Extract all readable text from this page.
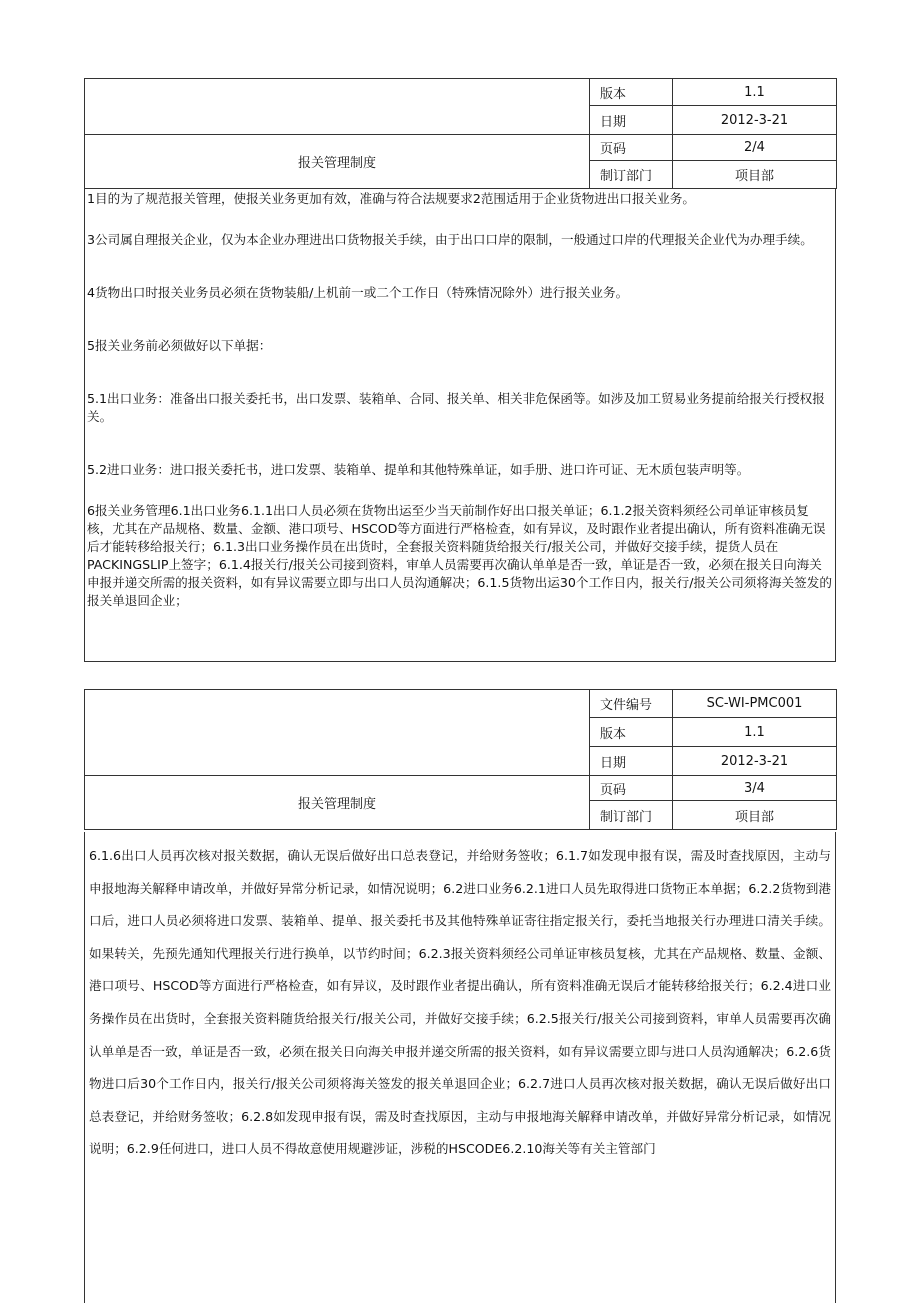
	版本	1.1
	日期	2012-3-21
报关管理制度	页码	2/4
	制订部门	项目部

1目的为了规范报关管理，使报关业务更加有效，准确与符合法规要求2范围适用于企业货物进出口报关业务。

3公司属自理报关企业，仅为本企业办理进出口货物报关手续，由于出口口岸的限制，一般通过口岸的代理报关企业代为办理手续。

4货物出口时报关业务员必须在货物装船/上机前一或二个工作日（特殊情况除外）进行报关业务。

5报关业务前必须做好以下单据：

5.1出口业务：准备出口报关委托书，出口发票、装箱单、合同、报关单、相关非危保函等。如涉及加工贸易业务提前给报关行授权报关。

5.2进口业务：进口报关委托书，进口发票、装箱单、提单和其他特殊单证，如手册、进口许可证、无木质包装声明等。

6报关业务管理6.1出口业务6.1.1出口人员必须在货物出运至少当天前制作好出口报关单证；6.1.2报关资料须经公司单证审核员复核，尤其在产品规格、数量、金额、港口项号、HSCOD等方面进行严格检查，如有异议，及时跟作业者提出确认，所有资料准确无误后才能转移给报关行；6.1.3出口业务操作员在出货时，全套报关资料随货给报关行/报关公司，并做好交接手续，提货人员在PACKINGSLIP上签字；6.1.4报关行/报关公司接到资料，审单人员需要再次确认单单是否一致，单证是否一致，必须在报关日向海关申报并递交所需的报关资料，如有异议需要立即与出口人员沟通解决；6.1.5货物出运30个工作日内，报关行/报关公司须将海关签发的报关单退回企业；

	文件编号	SC-WI-PMC001
	版本	1.1
	日期	2012-3-21
报关管理制度	页码	3/4
	制订部门	项目部

6.1.6出口人员再次核对报关数据，确认无误后做好出口总表登记，并给财务签收；6.1.7如发现申报有误，需及时查找原因，主动与申报地海关解释申请改单，并做好异常分析记录，如情况说明；6.2进口业务6.2.1进口人员先取得进口货物正本单据；6.2.2货物到港口后，进口人员必须将进口发票、装箱单、提单、报关委托书及其他特殊单证寄往指定报关行，委托当地报关行办理进口清关手续。如果转关，先预先通知代理报关行进行换单，以节约时间；6.2.3报关资料须经公司单证审核员复核，尤其在产品规格、数量、金额、港口项号、HSCOD等方面进行严格检查，如有异议，及时跟作业者提出确认，所有资料准确无误后才能转移给报关行；6.2.4进口业务操作员在出货时，全套报关资料随货给报关行/报关公司，并做好交接手续；6.2.5报关行/报关公司接到资料，审单人员需要再次确认单单是否一致，单证是否一致，必须在报关日向海关申报并递交所需的报关资料，如有异议需要立即与进口人员沟通解决；6.2.6货物进口后30个工作日内，报关行/报关公司须将海关签发的报关单退回企业；6.2.7进口人员再次核对报关数据，确认无误后做好出口总表登记，并给财务签收；6.2.8如发现申报有误，需及时查找原因，主动与申报地海关解释申请改单，并做好异常分析记录，如情况说明；6.2.9任何进口，进口人员不得故意使用规避涉证，涉税的HSCODE6.2.10海关等有关主管部门
